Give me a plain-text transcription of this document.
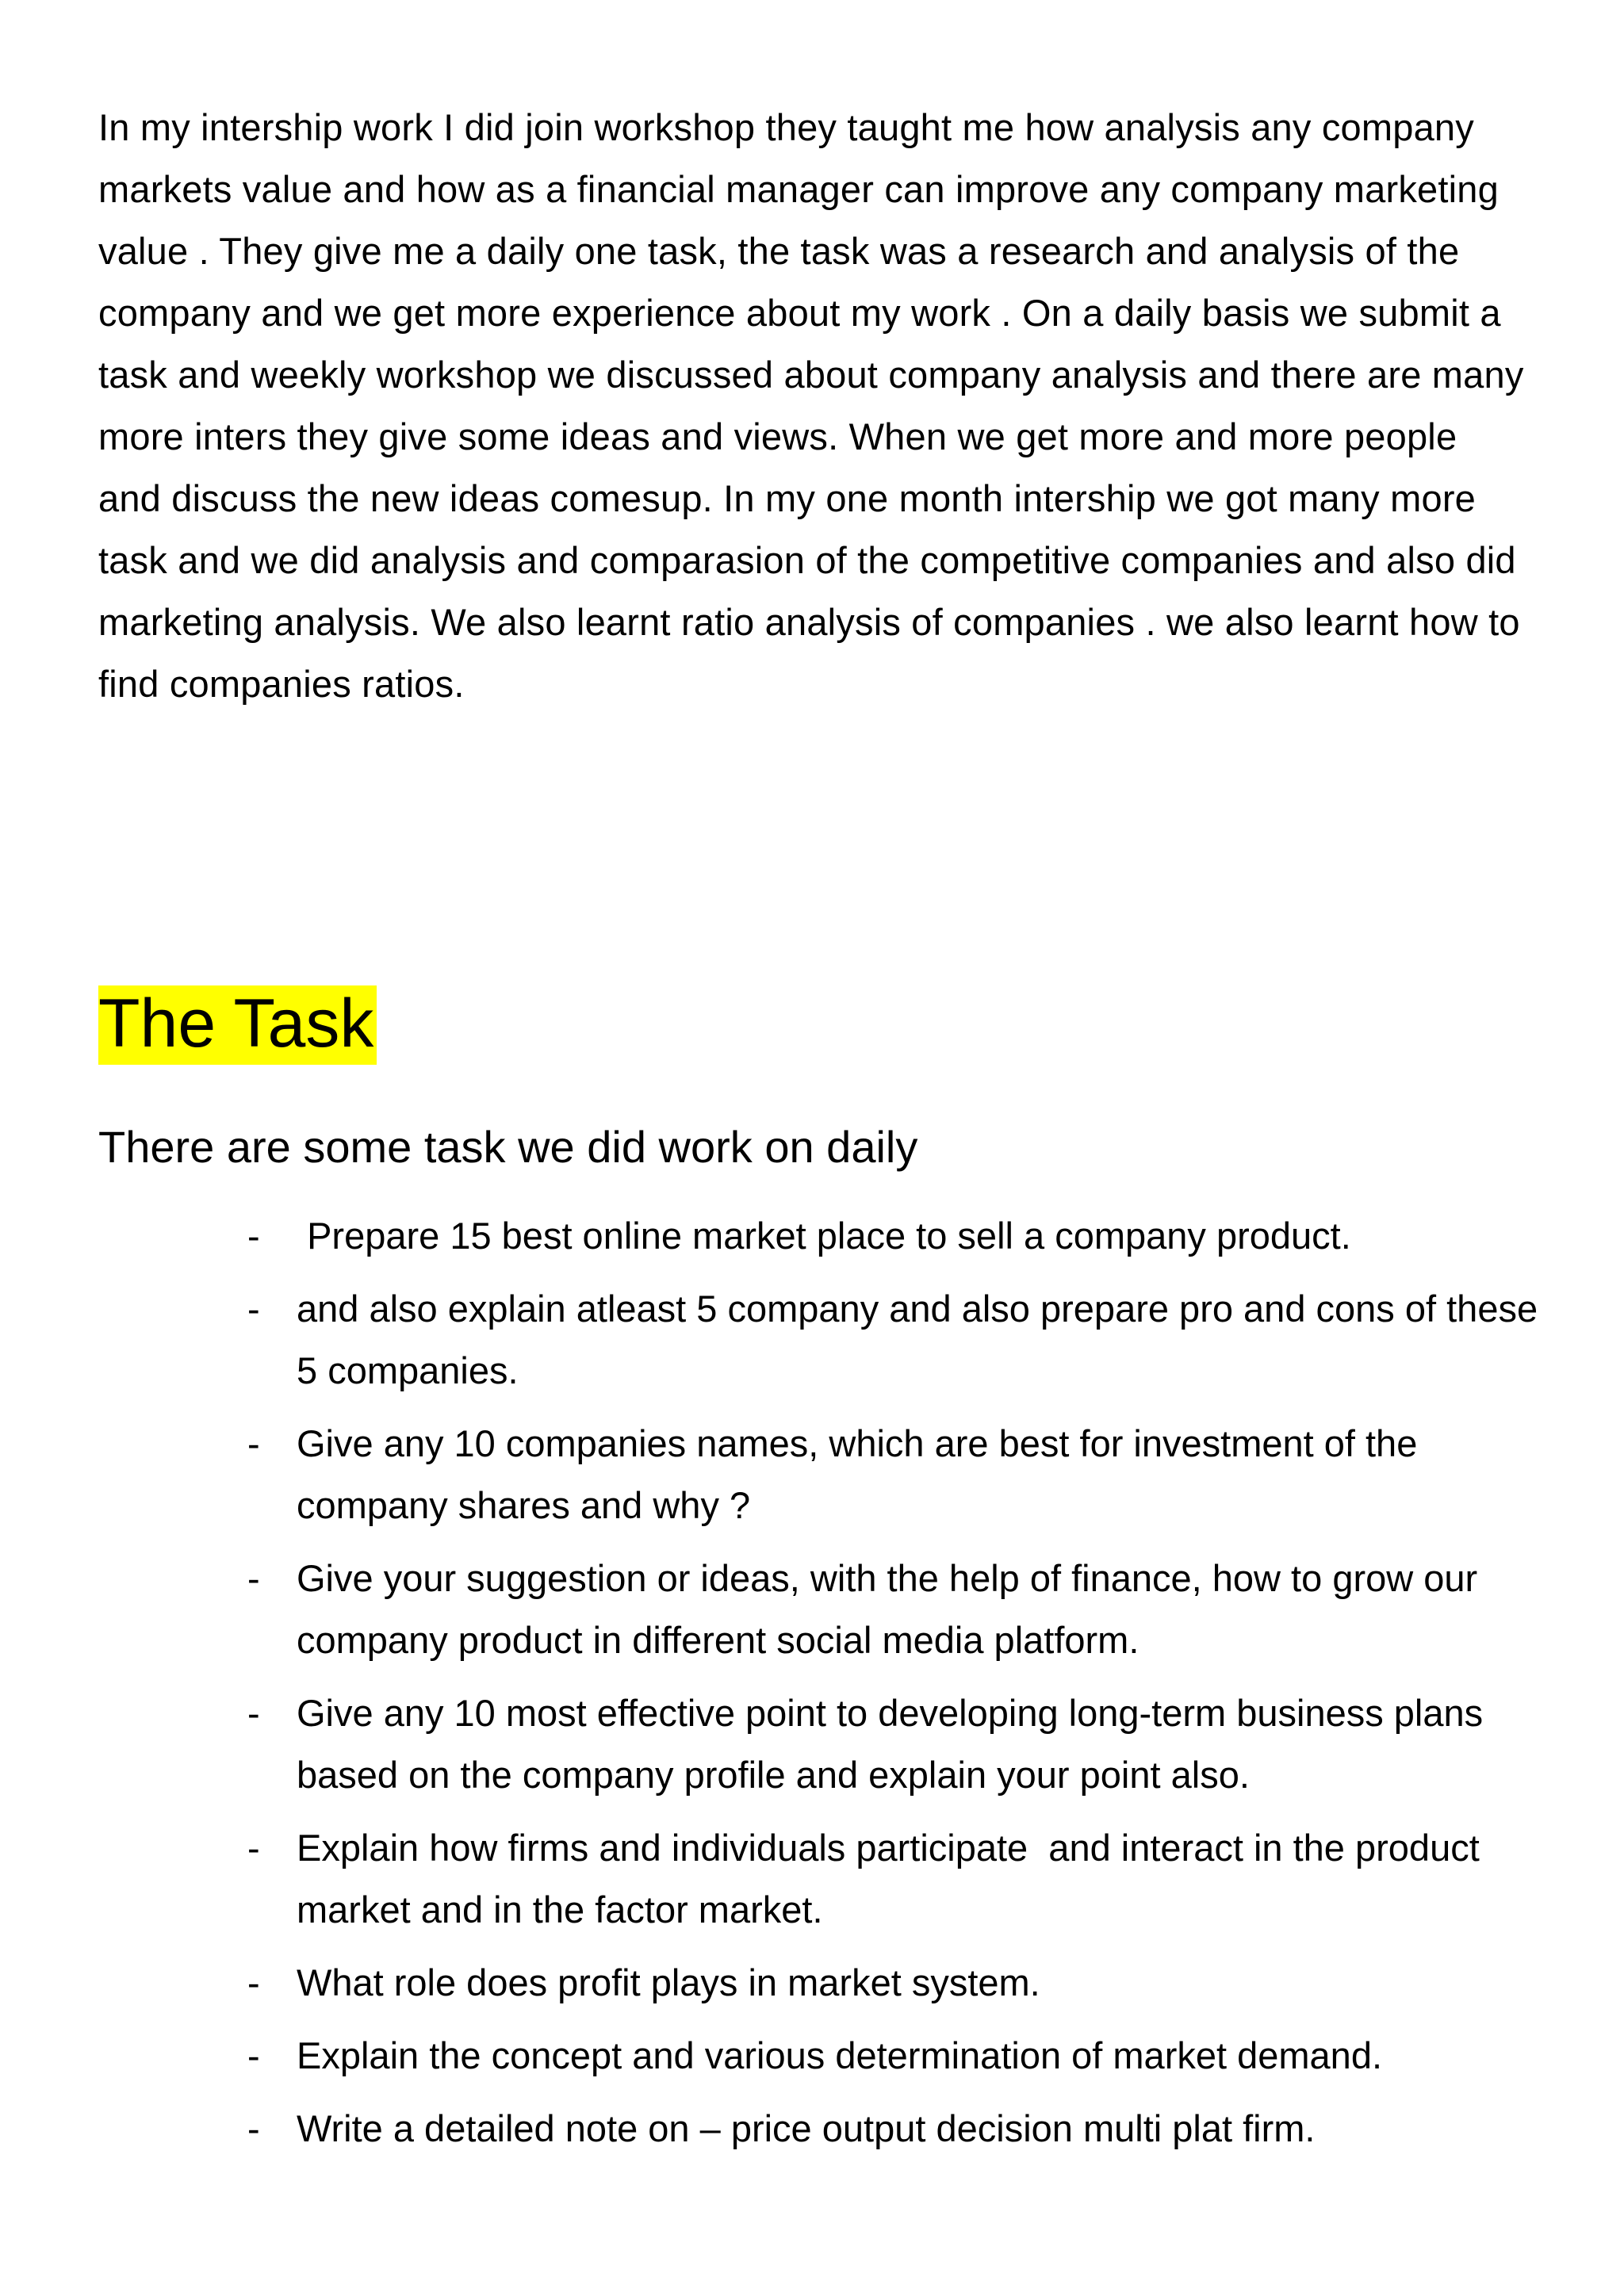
In my intership work I did join workshop they taught me how analysis any company markets value and how as a financial manager can improve any company marketing value . They give me a daily one task, the task was a research and analysis of the company and we get more experience about my work . On a daily basis we submit a task and weekly workshop we discussed about company analysis and there are many more inters they give some ideas and views. When we get more and more people and discuss the new ideas comesup. In my one month intership we got many more task and we did analysis and comparasion of the competitive companies and also did marketing analysis. We also learnt ratio analysis of companies . we also learnt how to find companies ratios.

The Task

There are some task we did work on daily

- Prepare 15 best online market place to sell a company product.
- and also explain atleast 5 company and also prepare pro and cons of these 5 companies.
- Give any 10 companies names, which are best for investment of the company shares and why ?
- Give your suggestion or ideas, with the help of finance, how to grow our company product in different social media platform.
- Give any 10 most effective point to developing long-term business plans based on the company profile and explain your point also.
- Explain how firms and individuals participate  and interact in the product market and in the factor market.
- What role does profit plays in market system.
- Explain the concept and various determination of market demand.
- Write a detailed note on – price output decision multi plat firm.
